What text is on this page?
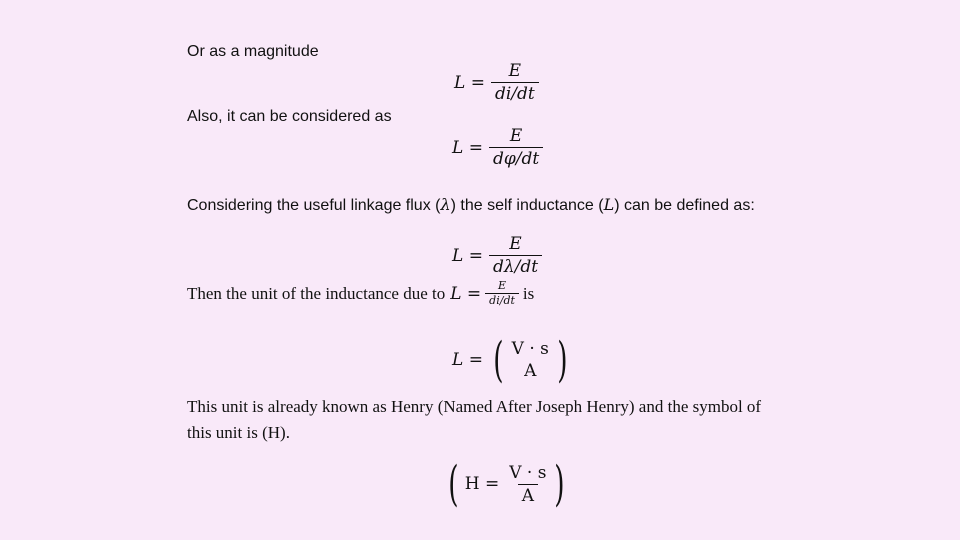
Or as a magnitude
$L = \frac{E}{di/dt}$
Also, it can be considered as
$L = \frac{E}{d\varphi/dt}$
Considering the useful linkage flux (λ) the self inductance (L) can be defined as:
$L = \frac{E}{d\lambda/dt}$
Then the unit of the inductance due to $L = \frac{E}{di/dt}$ is
L = ( V · s
A )
This unit is already known as Henry (Named After Joseph Henry) and the symbol of
this unit is (H).
( $H = \frac{V \cdot s}{A}$ )
